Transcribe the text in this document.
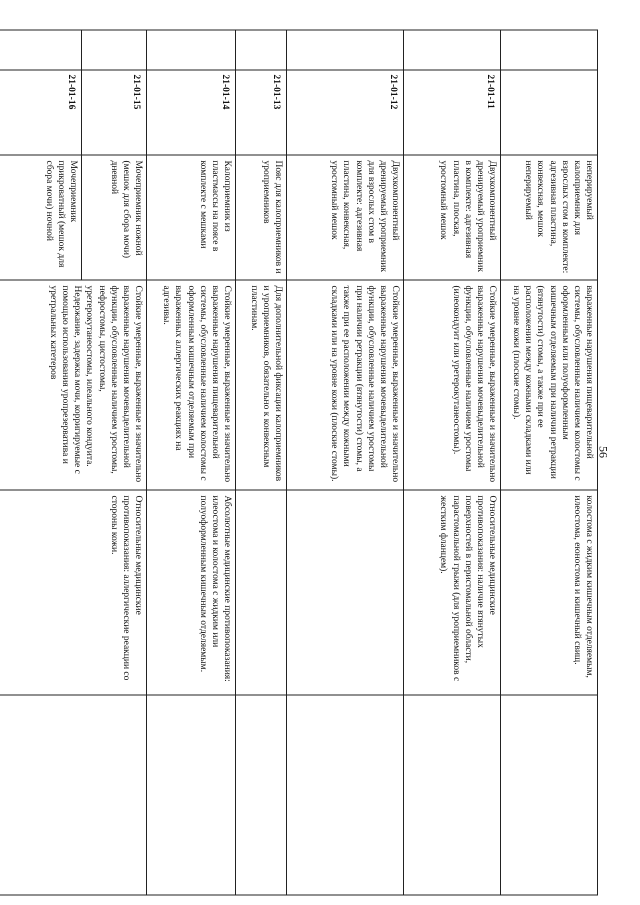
56
		неперируемый калоприемник для взрослых стом в комплекте: адгезивная пластина, конвексная, мешок неперируемый	выраженные нарушения пищеварительной системы, обусловленные наличием колостомы с оформленным или полуоформленным кишечным отделяемым при наличии ретракции (втянутости) стомы, а также при ее расположении между кожными складками или на уровне кожи (плоские стомы).	колостома с жидким кишечным отделяемым, илеостома, еюностома и кишечный свищ.	
	21-01-11	Двухкомпонентный дренируемый уроприемник в комплекте: адгезивная пластина, плоская, уростомный мешок	Стойкие умеренные, выраженные и значительно выраженные нарушения мочевыделительной функции, обусловленные наличием уростомы (илеокондуит или уретерокутанеостомы).	Относительные медицинские противопоказания: наличие втянутых поверхностей в перистомальной области, парастомальной грыжи (для уроприемников с жестким фланцем).	
	21-01-12	Двухкомпонентный дренируемый уроприемник для взрослых стом в комплекте: адгезивная пластина, конвексная, уростомный мешок	Стойкие умеренные, выраженные и значительно выраженные нарушения мочевыделительной функции, обусловленные наличием уростомы при наличии ретракции (втянутости) стомы, а также при ее расположении между кожными складками или на уровне кожи (плоские стомы).		
	21-01-13	Пояс для калоприемников и уроприемников	Для дополнительной фиксации калоприемников и уроприемников, обязательно к конвексным пластинам.		
	21-01-14	Калоприемник из пластмассы на поясе в комплекте с мешками	Стойкие умеренные, выраженные и значительно выраженные нарушения пищеварительной системы, обусловленные наличием колостомы с оформленным кишечным отделяемым при выраженных аллергических реакциях на адгезивы.	Абсолютные медицинские противопоказания: илеостома и колостома с жидким или полуоформленным кишечным отделяемым.	
	21-01-15	Мочеприемник ножной (мешок для сбора мочи) дневной	Стойкие умеренные, выраженные и значительно выраженные нарушения мочевыделительной функции, обусловленные наличием уростомы, нефростомы, цистостомы, уретерокутанеостомы, илеального кондуита. Недержание, задержка мочи, корригируемые с помощью использования уропрезерватива и уретральных катетеров	Относительные медицинские противопоказания: аллергические реакции со стороны кожи.	
	21-01-16	Мочеприемник прикроватный (мешок для сбора мочи) ночной			
